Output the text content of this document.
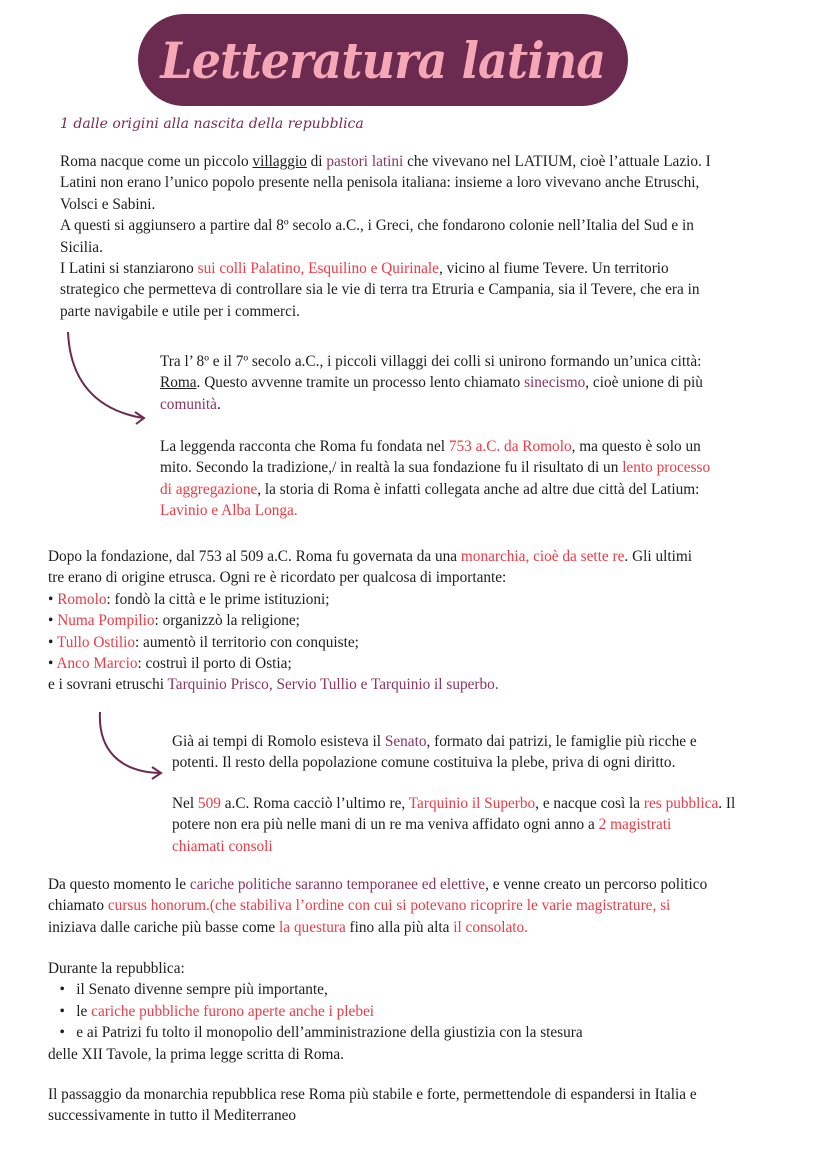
Letteratura latina
1 dalle origini alla nascita della repubblica
Roma nacque come un piccolo villaggio di pastori latini che vivevano nel LATIUM, cioè l’attuale Lazio. I
Latini non erano l’unico popolo presente nella penisola italiana: insieme a loro vivevano anche Etruschi,
Volsci e Sabini.
A questi si aggiunsero a partire dal 8º secolo a.C., i Greci, che fondarono colonie nell’Italia del Sud e in
Sicilia.
I Latini si stanziarono sui colli Palatino, Esquilino e Quirinale, vicino al fiume Tevere. Un territorio
strategico che permetteva di controllare sia le vie di terra tra Etruria e Campania, sia il Tevere, che era in
parte navigabile e utile per i commerci.
Tra l’ 8º e il 7º secolo a.C., i piccoli villaggi dei colli si unirono formando un’unica città:
Roma. Questo avvenne tramite un processo lento chiamato sinecismo, cioè unione di più
comunità.
La leggenda racconta che Roma fu fondata nel 753 a.C. da Romolo, ma questo è solo un
mito. Secondo la tradizione,/ in realtà la sua fondazione fu il risultato di un lento processo
di aggregazione, la storia di Roma è infatti collegata anche ad altre due città del Latium:
Lavinio e Alba Longa.
Dopo la fondazione, dal 753 al 509 a.C. Roma fu governata da una monarchia, cioè da sette re. Gli ultimi
tre erano di origine etrusca. Ogni re è ricordato per qualcosa di importante:
• Romolo: fondò la città e le prime istituzioni;
• Numa Pompilio: organizzò la religione;
• Tullo Ostilio: aumentò il territorio con conquiste;
• Anco Marcio: costruì il porto di Ostia;
e i sovrani etruschi Tarquinio Prisco, Servio Tullio e Tarquinio il superbo.
Già ai tempi di Romolo esisteva il Senato, formato dai patrizi, le famiglie più ricche e
potenti. Il resto della popolazione comune costituiva la plebe, priva di ogni diritto.
Nel 509 a.C. Roma cacciò l’ultimo re, Tarquinio il Superbo, e nacque così la res pubblica. Il
potere non era più nelle mani di un re ma veniva affidato ogni anno a 2 magistrati
chiamati consoli
Da questo momento le cariche politiche saranno temporanee ed elettive, e venne creato un percorso politico
chiamato cursus honorum.(che stabiliva l’ordine con cui si potevano ricoprire le varie magistrature, si
iniziava dalle cariche più basse come la questura fino alla più alta il consolato.
Durante la repubblica:
•   il Senato divenne sempre più importante,
•   le cariche pubbliche furono aperte anche i plebei
•   e ai Patrizi fu tolto il monopolio dell’amministrazione della giustizia con la stesura
delle XII Tavole, la prima legge scritta di Roma.
Il passaggio da monarchia repubblica rese Roma più stabile e forte, permettendole di espandersi in Italia e
successivamente in tutto il Mediterraneo
